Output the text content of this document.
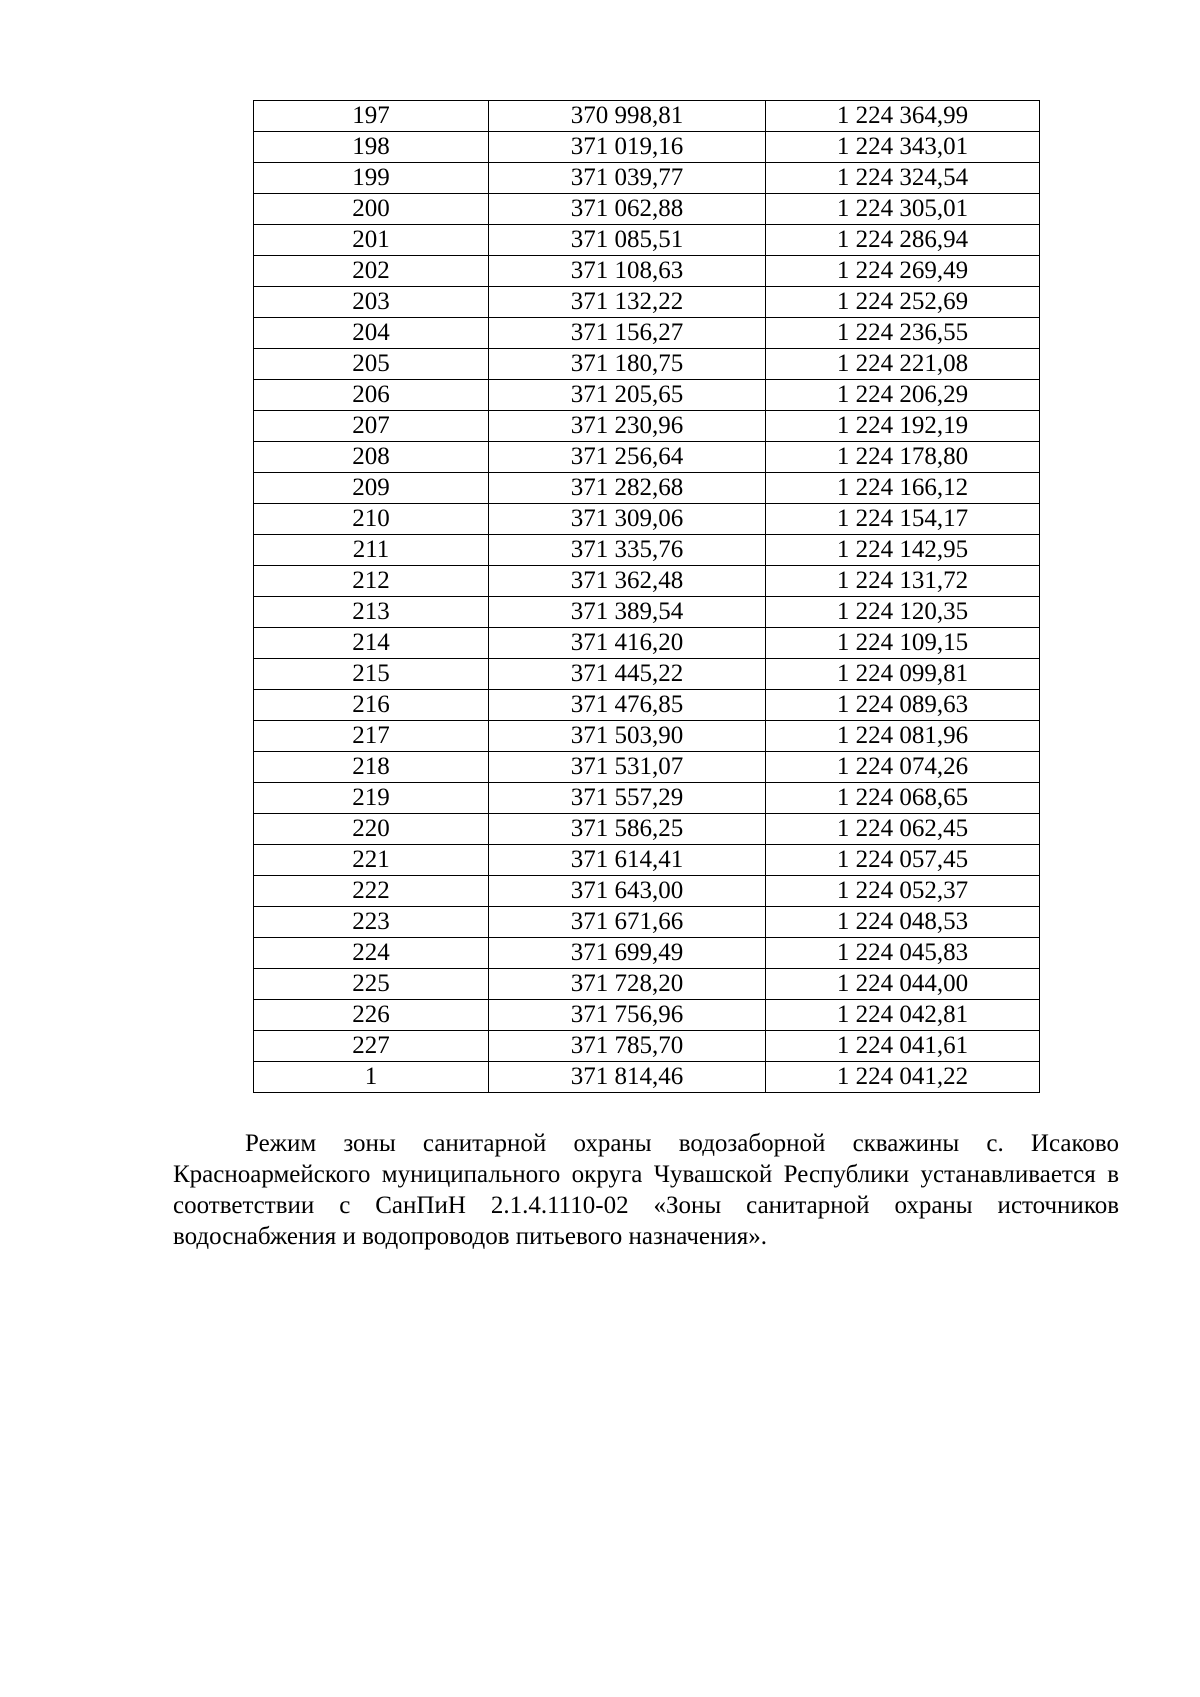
197	370 998,81	1 224 364,99
198	371 019,16	1 224 343,01
199	371 039,77	1 224 324,54
200	371 062,88	1 224 305,01
201	371 085,51	1 224 286,94
202	371 108,63	1 224 269,49
203	371 132,22	1 224 252,69
204	371 156,27	1 224 236,55
205	371 180,75	1 224 221,08
206	371 205,65	1 224 206,29
207	371 230,96	1 224 192,19
208	371 256,64	1 224 178,80
209	371 282,68	1 224 166,12
210	371 309,06	1 224 154,17
211	371 335,76	1 224 142,95
212	371 362,48	1 224 131,72
213	371 389,54	1 224 120,35
214	371 416,20	1 224 109,15
215	371 445,22	1 224 099,81
216	371 476,85	1 224 089,63
217	371 503,90	1 224 081,96
218	371 531,07	1 224 074,26
219	371 557,29	1 224 068,65
220	371 586,25	1 224 062,45
221	371 614,41	1 224 057,45
222	371 643,00	1 224 052,37
223	371 671,66	1 224 048,53
224	371 699,49	1 224 045,83
225	371 728,20	1 224 044,00
226	371 756,96	1 224 042,81
227	371 785,70	1 224 041,61
1	371 814,46	1 224 041,22

Режим зоны санитарной охраны водозаборной скважины с. Исаково Красноармейского муниципального округа Чувашской Республики устанавливается в соответствии с СанПиН 2.1.4.1110-02 «Зоны санитарной охраны источников водоснабжения и водопроводов питьевого назначения».
